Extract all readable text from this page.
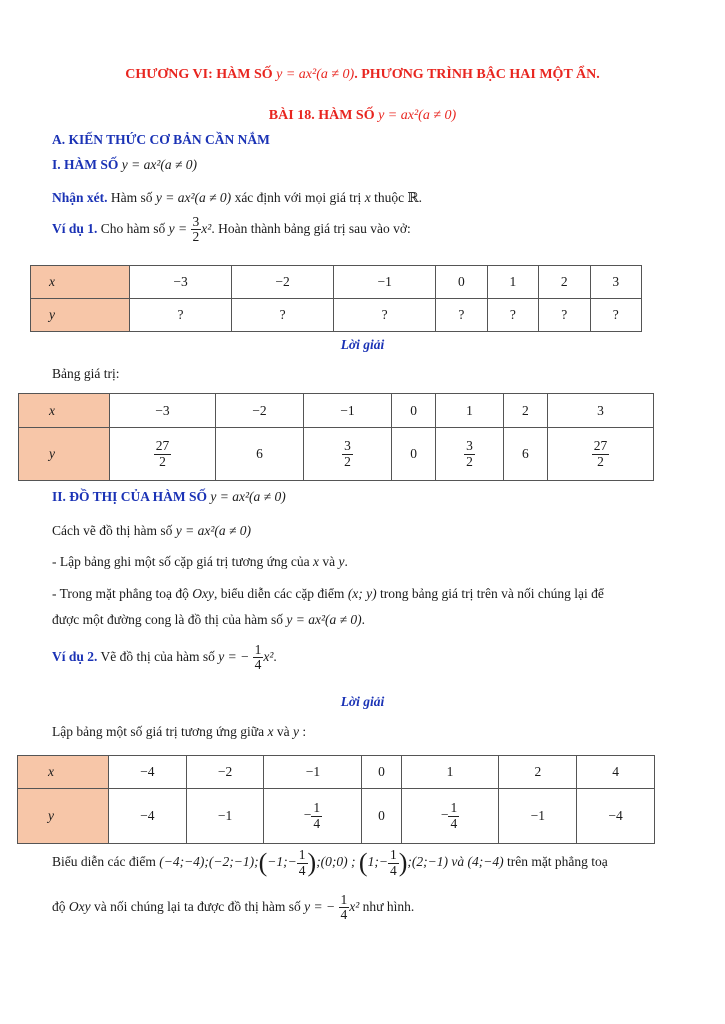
CHƯƠNG VI: HÀM SỐ y = ax²(a ≠ 0). PHƯƠNG TRÌNH BẬC HAI MỘT ẨN.
BÀI 18. HÀM SỐ y = ax²(a ≠ 0)
A. KIẾN THỨC CƠ BẢN CẦN NẮM
I. HÀM SỐ y = ax²(a ≠ 0)
Nhận xét. Hàm số y = ax²(a ≠ 0) xác định với mọi giá trị x thuộc ℝ.
Ví dụ 1. Cho hàm số $y = \frac{3}{2} x^2$. Hoàn thành bảng giá trị sau vào vở:
x	−3	−2	−1	0	1	2	3
y	?	?	?	?	?	?	?
Lời giải
Bảng giá trị:
x	−3	−2	−1	0	1	2	3
y	$\frac{27}{2}$	6	$\frac{3}{2}$	0	$\frac{3}{2}$	6	$\frac{27}{2}$
II. ĐỒ THỊ CỦA HÀM SỐ y = ax²(a ≠ 0)
Cách vẽ đồ thị hàm số y = ax²(a ≠ 0)
- Lập bảng ghi một số cặp giá trị tương ứng của x và y.
- Trong mặt phẳng toạ độ Oxy, biểu diễn các cặp điểm (x; y) trong bảng giá trị trên và nối chúng lại để
được một đường cong là đồ thị của hàm số y = ax²(a ≠ 0).
Ví dụ 2. Vẽ đồ thị của hàm số y = − $\frac{1}{4} x^2$.
Lời giải
Lập bảng một số giá trị tương ứng giữa x và y :
x	−4	−2	−1	0	1	2	4
y	−4	−1	− $\frac{1}{4}$	0	− $\frac{1}{4}$	−1	−4
Biểu diễn các điểm (−4;−4);(−2;−1);(−1;− $\frac{1}{4}$ );(0;0) ; (1;− $\frac{1}{4}$ );(2;−1) và (4;−4) trên mặt phẳng toạ
độ Oxy và nối chúng lại ta được đồ thị hàm số y = − $\frac{1}{4} x^2$ như hình.
